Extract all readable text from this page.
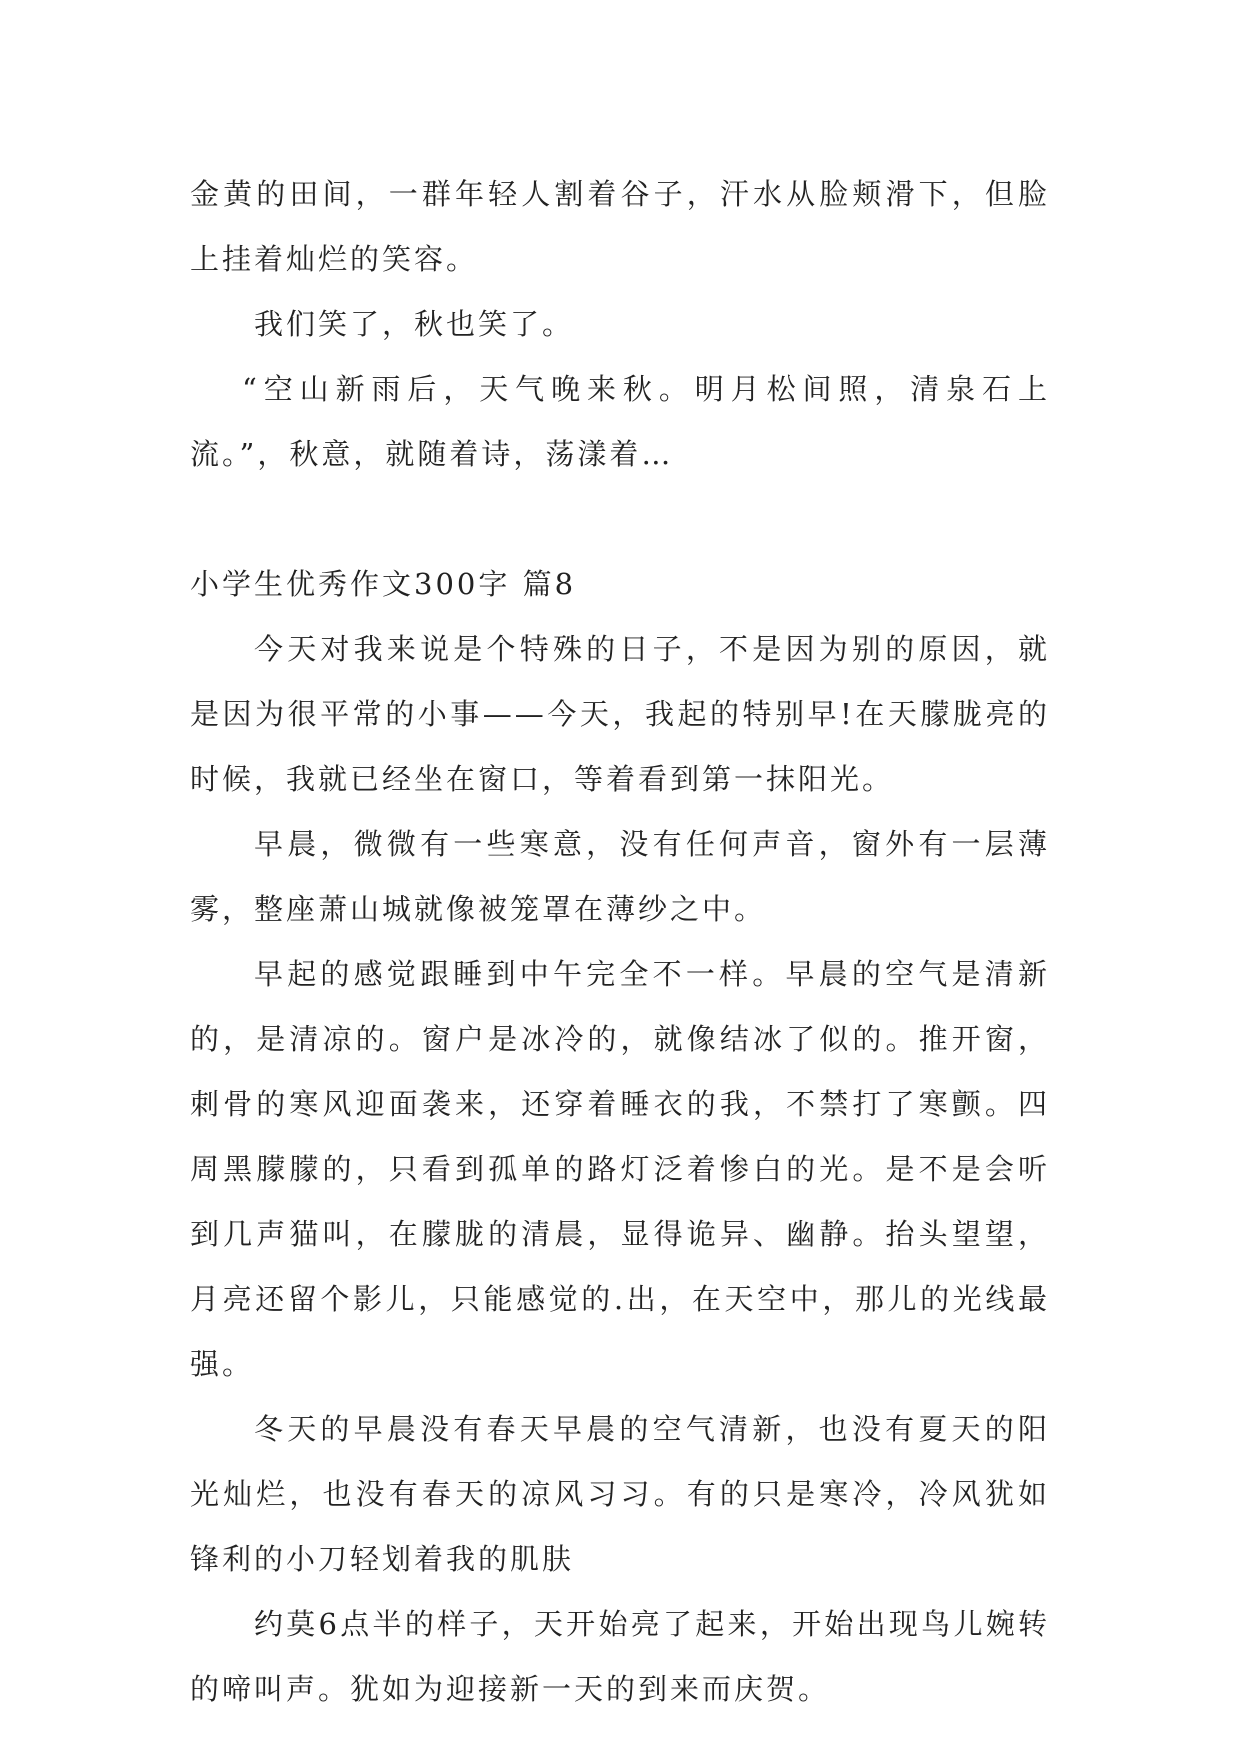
金黄的田间，一群年轻人割着谷子，汗水从脸颊滑下，但脸上挂着灿烂的笑容。

我们笑了，秋也笑了。

“空山新雨后，天气晚来秋。明月松间照，清泉石上流。”，秋意，就随着诗，荡漾着…

小学生优秀作文300字 篇8

今天对我来说是个特殊的日子，不是因为别的原因，就是因为很平常的小事——今天，我起的特别早!在天朦胧亮的时候，我就已经坐在窗口，等着看到第一抹阳光。

早晨，微微有一些寒意，没有任何声音，窗外有一层薄雾，整座萧山城就像被笼罩在薄纱之中。

早起的感觉跟睡到中午完全不一样。早晨的空气是清新的，是清凉的。窗户是冰冷的，就像结冰了似的。推开窗，刺骨的寒风迎面袭来，还穿着睡衣的我，不禁打了寒颤。四周黑朦朦的，只看到孤单的路灯泛着惨白的光。是不是会听到几声猫叫，在朦胧的清晨，显得诡异、幽静。抬头望望，月亮还留个影儿，只能感觉的.出，在天空中，那儿的光线最强。

冬天的早晨没有春天早晨的空气清新，也没有夏天的阳光灿烂，也没有春天的凉风习习。有的只是寒冷，冷风犹如锋利的小刀轻划着我的肌肤

约莫6点半的样子，天开始亮了起来，开始出现鸟儿婉转的啼叫声。犹如为迎接新一天的到来而庆贺。
